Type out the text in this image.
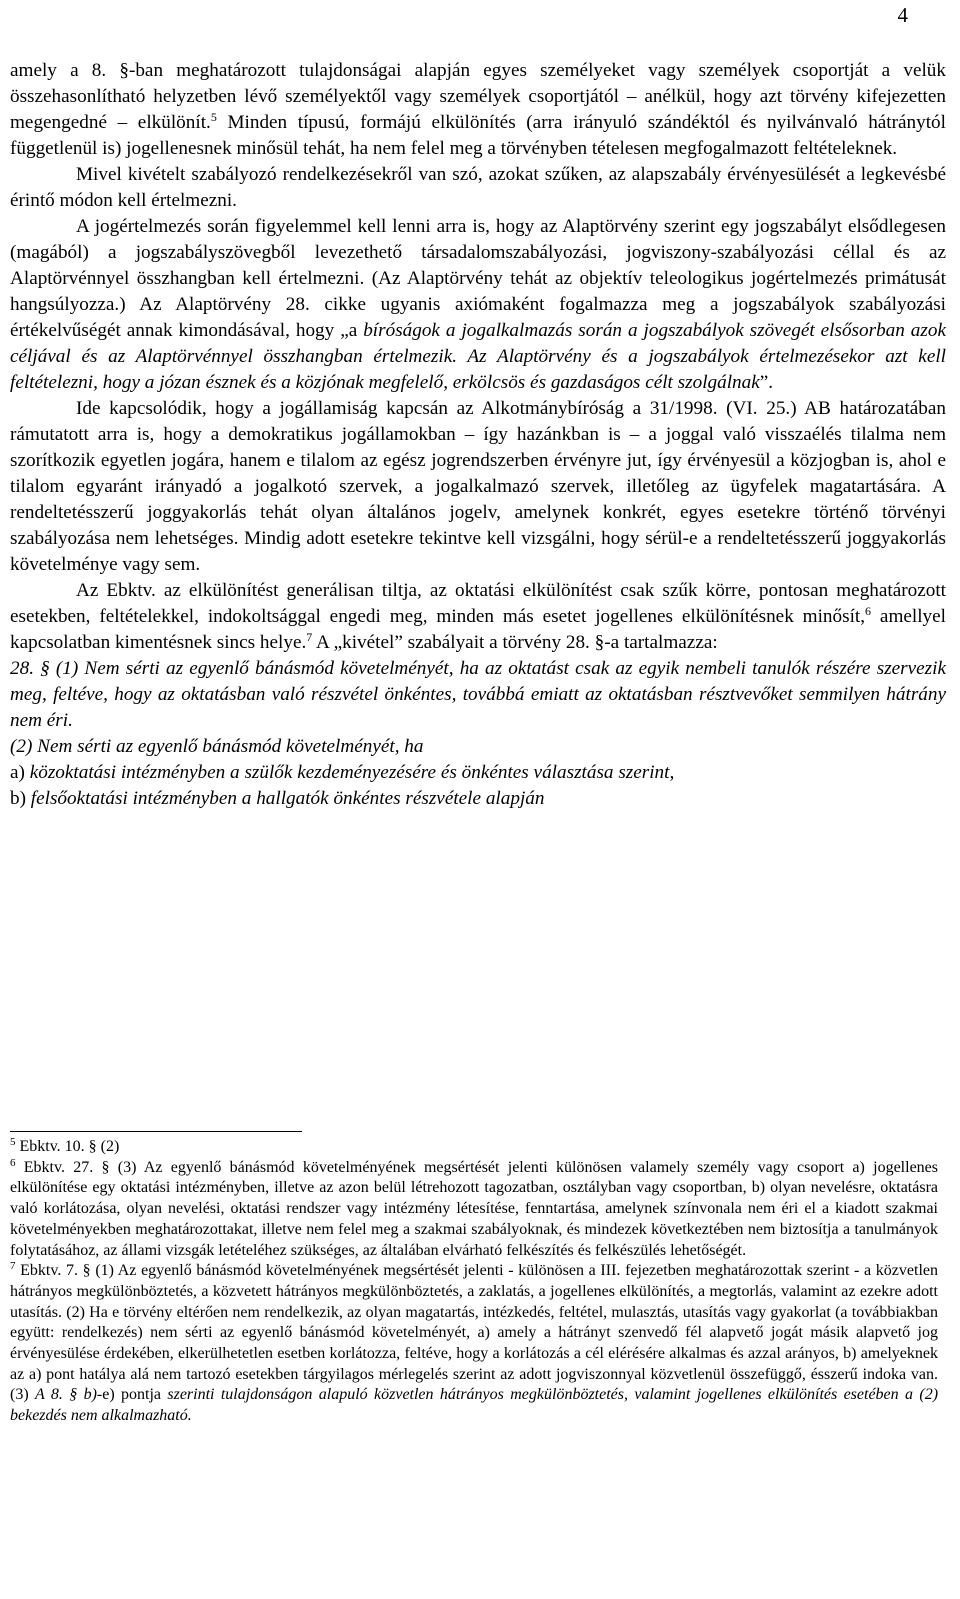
4

amely a 8. §-ban meghatározott tulajdonságai alapján egyes személyeket vagy személyek csoportját a velük összehasonlítható helyzetben lévő személyektől vagy személyek csoportjától – anélkül, hogy azt törvény kifejezetten megengedné – elkülönít.$^5$ Minden típusú, formájú elkülönítés (arra irányuló szándéktól és nyilvánvaló hátránytól függetlenül is) jogellenesnek minősül tehát, ha nem felel meg a törvényben tételesen megfogalmazott feltételeknek.

Mivel kivételt szabályozó rendelkezésekről van szó, azokat szűken, az alapszabály érvényesülését a legkevésbé érintő módon kell értelmezni.

A jogértelmezés során figyelemmel kell lenni arra is, hogy az Alaptörvény szerint egy jogszabályt elsődlegesen (magából) a jogszabályszövegből levezethető társadalomszabályozási, jogviszony-szabályozási céllal és az Alaptörvénnyel összhangban kell értelmezni. (Az Alaptörvény tehát az objektív teleologikus jogértelmezés primátusát hangsúlyozza.) Az Alaptörvény 28. cikke ugyanis axiómaként fogalmazza meg a jogszabályok szabályozási értékelvűségét annak kimondásával, hogy „a bíróságok a jogalkalmazás során a jogszabályok szövegét elsősorban azok céljával és az Alaptörvénnyel összhangban értelmezik. Az Alaptörvény és a jogszabályok értelmezésekor azt kell feltételezni, hogy a józan észnek és a közjónak megfelelő, erkölcsös és gazdaságos célt szolgálnak”.

Ide kapcsolódik, hogy a jogállamiság kapcsán az Alkotmánybíróság a 31/1998. (VI. 25.) AB határozatában rámutatott arra is, hogy a demokratikus jogállamokban – így hazánkban is – a joggal való visszaélés tilalma nem szorítkozik egyetlen jogára, hanem e tilalom az egész jogrendszerben érvényre jut, így érvényesül a közjogban is, ahol e tilalom egyaránt irányadó a jogalkotó szervek, a jogalkalmazó szervek, illetőleg az ügyfelek magatartására. A rendeltetésszerű joggyakorlás tehát olyan általános jogelv, amelynek konkrét, egyes esetekre történő törvényi szabályozása nem lehetséges. Mindig adott esetekre tekintve kell vizsgálni, hogy sérül-e a rendeltetésszerű joggyakorlás követelménye vagy sem.

Az Ebktv. az elkülönítést generálisan tiltja, az oktatási elkülönítést csak szűk körre, pontosan meghatározott esetekben, feltételekkel, indokoltsággal engedi meg, minden más esetet jogellenes elkülönítésnek minősít,$^6$ amellyel kapcsolatban kimentésnek sincs helye.$^7$ A „kivétel” szabályait a törvény 28. §-a tartalmazza:

28. § (1) Nem sérti az egyenlő bánásmód követelményét, ha az oktatást csak az egyik nembeli tanulók részére szervezik meg, feltéve, hogy az oktatásban való részvétel önkéntes, továbbá emiatt az oktatásban résztvevőket semmilyen hátrány nem éri.

(2) Nem sérti az egyenlő bánásmód követelményét, ha

a) közoktatási intézményben a szülők kezdeményezésére és önkéntes választása szerint,

b) felsőoktatási intézményben a hallgatók önkéntes részvétele alapján

$^5$ Ebktv. 10. § (2)

$^6$ Ebktv. 27. § (3) Az egyenlő bánásmód követelményének megsértését jelenti különösen valamely személy vagy csoport a) jogellenes elkülönítése egy oktatási intézményben, illetve az azon belül létrehozott tagozatban, osztályban vagy csoportban, b) olyan nevelésre, oktatásra való korlátozása, olyan nevelési, oktatási rendszer vagy intézmény létesítése, fenntartása, amelynek színvonala nem éri el a kiadott szakmai követelményekben meghatározottakat, illetve nem felel meg a szakmai szabályoknak, és mindezek következtében nem biztosítja a tanulmányok folytatásához, az állami vizsgák letételéhez szükséges, az általában elvárható felkészítés és felkészülés lehetőségét.

$^7$ Ebktv. 7. § (1) Az egyenlő bánásmód követelményének megsértését jelenti - különösen a III. fejezetben meghatározottak szerint - a közvetlen hátrányos megkülönböztetés, a közvetett hátrányos megkülönböztetés, a zaklatás, a jogellenes elkülönítés, a megtorlás, valamint az ezekre adott utasítás. (2) Ha e törvény eltérően nem rendelkezik, az olyan magatartás, intézkedés, feltétel, mulasztás, utasítás vagy gyakorlat (a továbbiakban együtt: rendelkezés) nem sérti az egyenlő bánásmód követelményét, a) amely a hátrányt szenvedő fél alapvető jogát másik alapvető jog érvényesülése érdekében, elkerülhetetlen esetben korlátozza, feltéve, hogy a korlátozás a cél elérésére alkalmas és azzal arányos, b) amelyeknek az a) pont hatálya alá nem tartozó esetekben tárgyilagos mérlegelés szerint az adott jogviszonnyal közvetlenül összefüggő, ésszerű indoka van. (3) A 8. § b)-e) pontja szerinti tulajdonságon alapuló közvetlen hátrányos megkülönböztetés, valamint jogellenes elkülönítés esetében a (2) bekezdés nem alkalmazható.
